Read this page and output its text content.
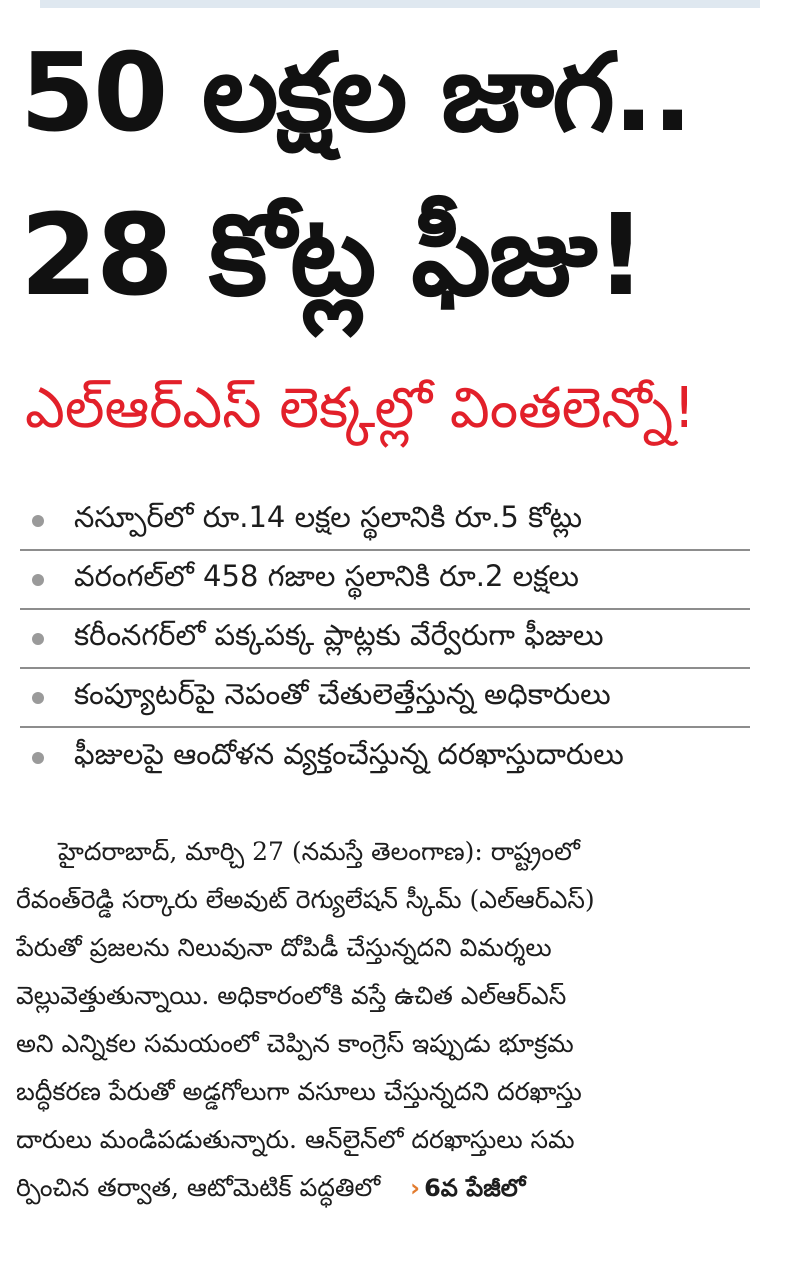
50 లక్షల జాగ..
28 కోట్ల ఫీజు!
ఎల్ఆర్ఎస్ లెక్కల్లో వింతలెన్నో!
నస్పూర్‌లో రూ.14 లక్షల స్థలానికి రూ.5 కోట్లు
వరంగల్‌లో 458 గజాల స్థలానికి రూ.2 లక్షలు
కరీంనగర్‌లో పక్కపక్క ప్లాట్లకు వేర్వేరుగా ఫీజులు
కంప్యూటర్‌పై నెపంతో చేతులెత్తేస్తున్న అధికారులు
ఫీజులపై ఆందోళన వ్యక్తంచేస్తున్న దరఖాస్తుదారులు
హైదరాబాద్, మార్చి 27 (నమస్తే తెలంగాణ): రాష్ట్రంలో
రేవంత్‌రెడ్డి సర్కారు లేఅవుట్ రెగ్యులేషన్ స్కీమ్ (ఎల్ఆర్ఎస్)
పేరుతో ప్రజలను నిలువునా దోపిడీ చేస్తున్నదని విమర్శలు
వెల్లువెత్తుతున్నాయి. అధికారంలోకి వస్తే ఉచిత ఎల్ఆర్ఎస్
అని ఎన్నికల సమయంలో చెప్పిన కాంగ్రెస్ ఇప్పుడు భూక్రమ
బద్ధీకరణ పేరుతో అడ్డగోలుగా వసూలు చేస్తున్నదని దరఖాస్తు
దారులు మండిపడుతున్నారు. ఆన్‌లైన్‌లో దరఖాస్తులు సమ
ర్పించిన తర్వాత, ఆటోమెటిక్ పద్ధతిలో › 6వ పేజీలో
